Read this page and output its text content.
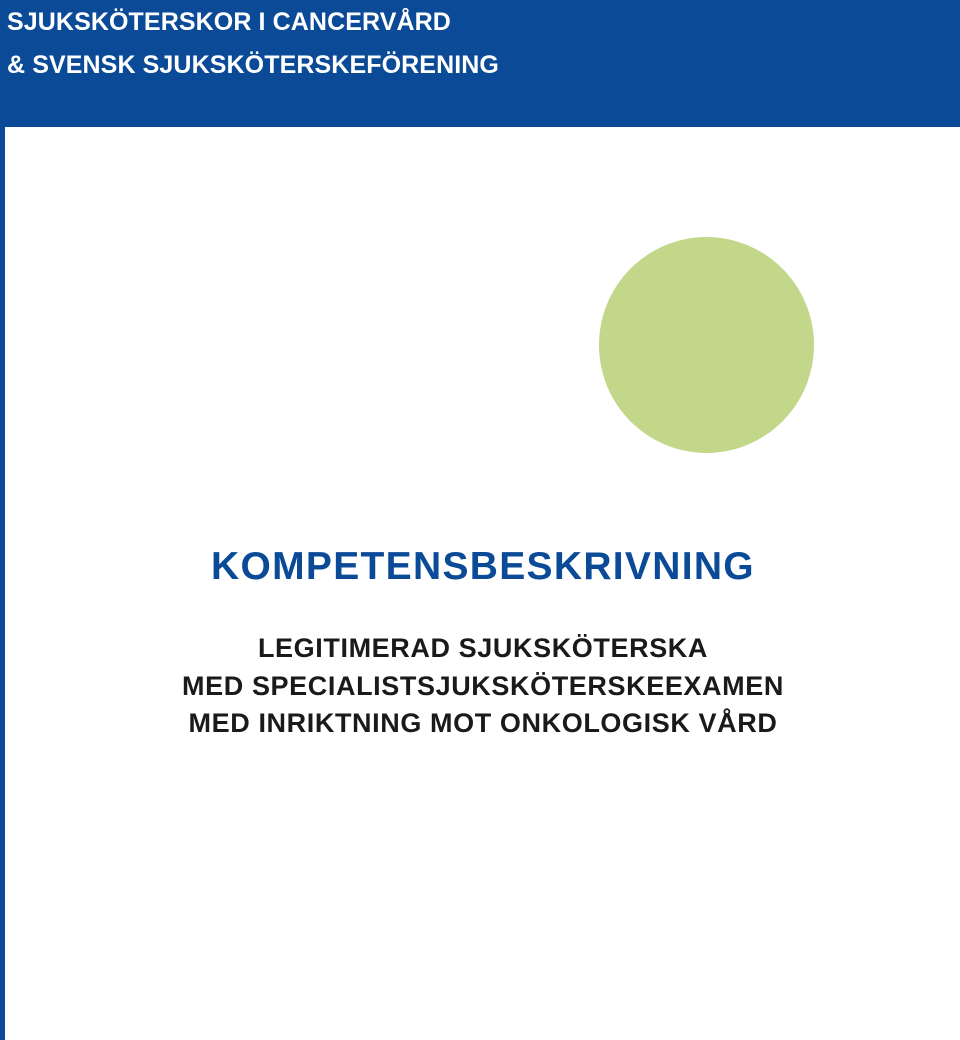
SJUKSKÖTERSKOR I CANCERVÅRD
& SVENSK SJUKSKÖTERSKEFÖRENING
KOMPETENSBESKRIVNING
LEGITIMERAD SJUKSKÖTERSKA
MED SPECIALISTSJUKSKÖTERSKEEXAMEN
MED INRIKTNING MOT ONKOLOGISK VÅRD
